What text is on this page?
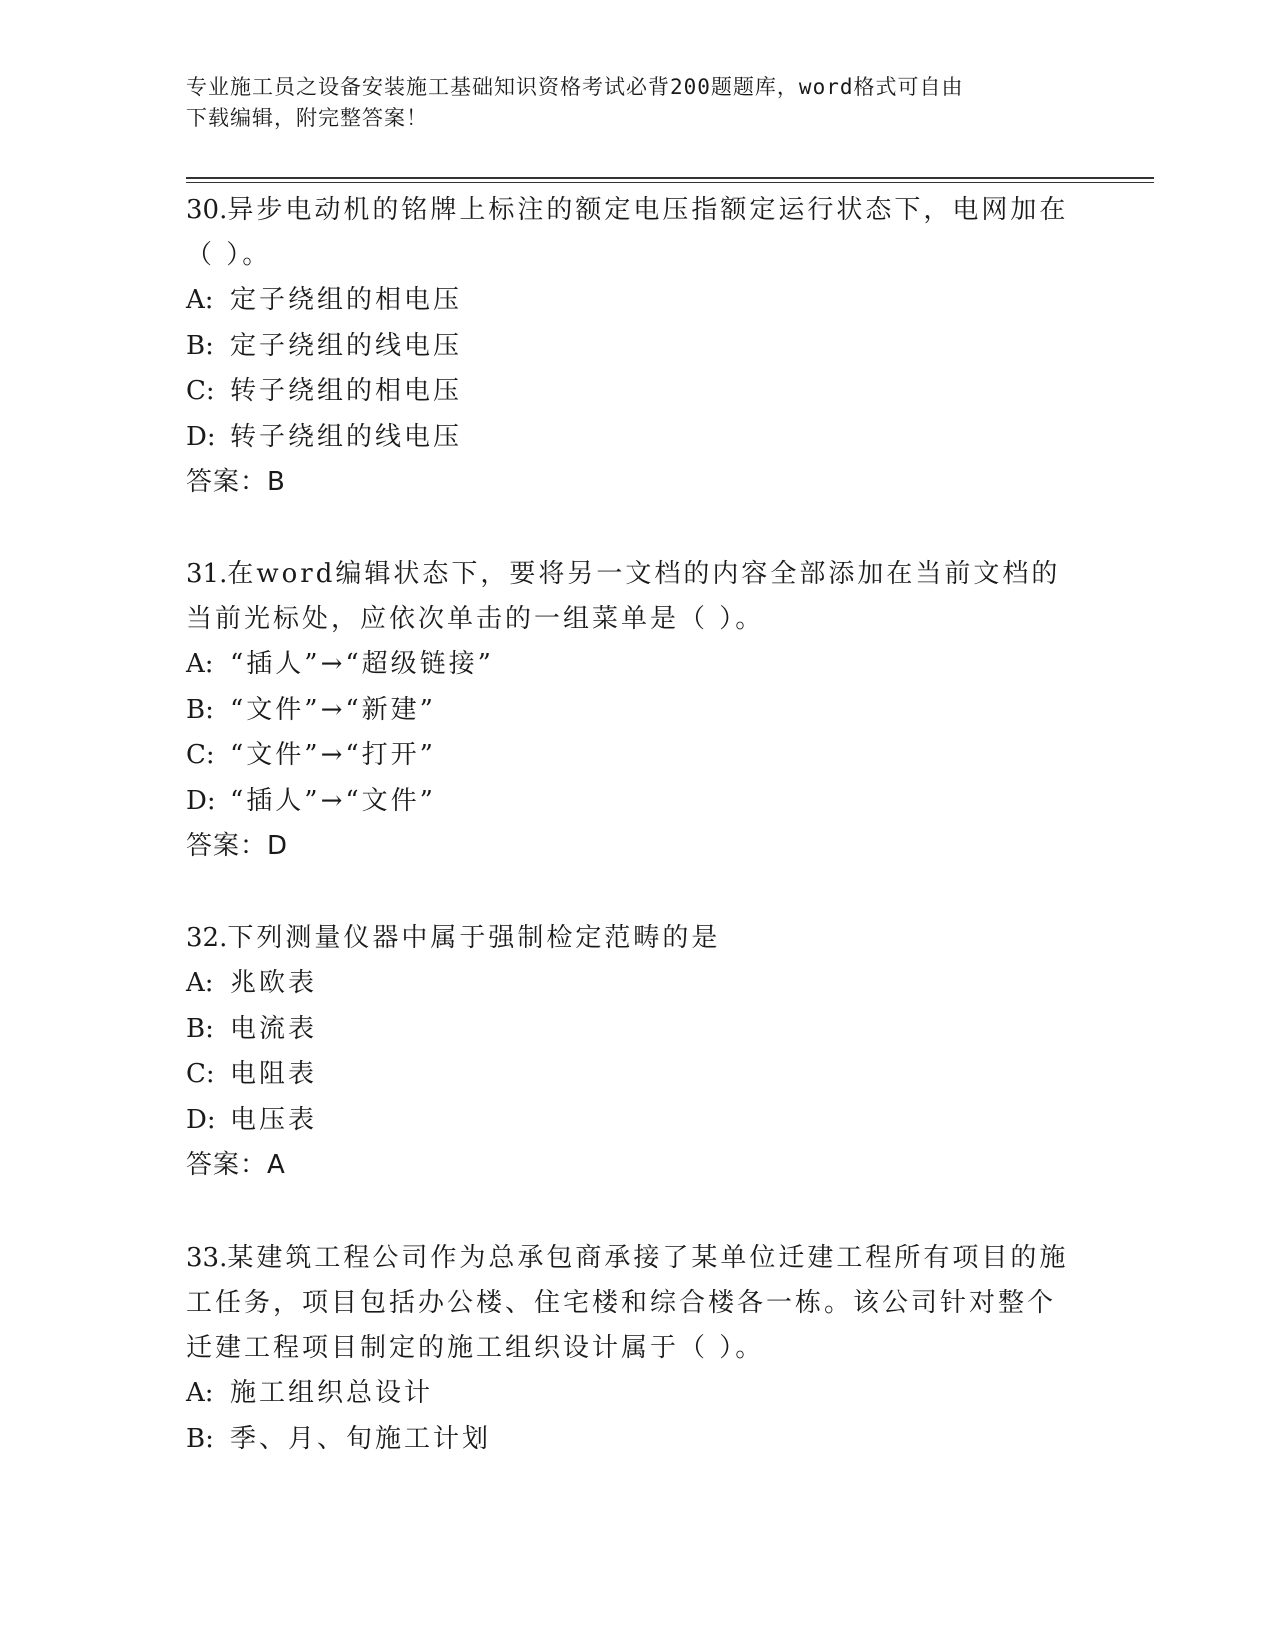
专业施工员之设备安装施工基础知识资格考试必背200题题库，word格式可自由
下载编辑，附完整答案！
30.异步电动机的铭牌上标注的额定电压指额定运行状态下，电网加在
（ ）。
A: 定子绕组的相电压
B: 定子绕组的线电压
C: 转子绕组的相电压
D: 转子绕组的线电压
答案：B
31.在word编辑状态下，要将另一文档的内容全部添加在当前文档的
当前光标处，应依次单击的一组菜单是（ ）。
A: “插人”→“超级链接”
B: “文件”→“新建”
C: “文件”→“打开”
D: “插人”→“文件”
答案：D
32.下列测量仪器中属于强制检定范畴的是
A: 兆欧表
B: 电流表
C: 电阻表
D: 电压表
答案：A
33.某建筑工程公司作为总承包商承接了某单位迁建工程所有项目的施
工任务，项目包括办公楼、住宅楼和综合楼各一栋。该公司针对整个
迁建工程项目制定的施工组织设计属于（ ）。
A: 施工组织总设计
B: 季、月、旬施工计划
